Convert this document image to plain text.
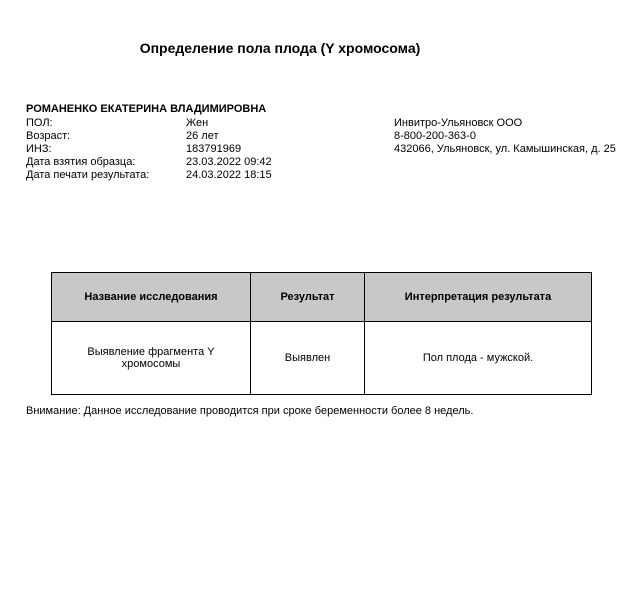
Определение пола плода (Y хромосома)
РОМАНЕНКО ЕКАТЕРИНА ВЛАДИМИРОВНА
ПОЛ:	Жен
Возраст:	26 лет
ИНЗ:	183791969
Дата взятия образца:	23.03.2022 09:42
Дата печати результата:	24.03.2022 18:15
Инвитро-Ульяновск ООО
8-800-200-363-0
432066, Ульяновск, ул. Камышинская, д. 25
Название исследования	Результат	Интерпретация результата
Выявление фрагмента Y хромосомы	Выявлен	Пол плода - мужской.
Внимание: Данное исследование проводится при сроке беременности более 8 недель.
